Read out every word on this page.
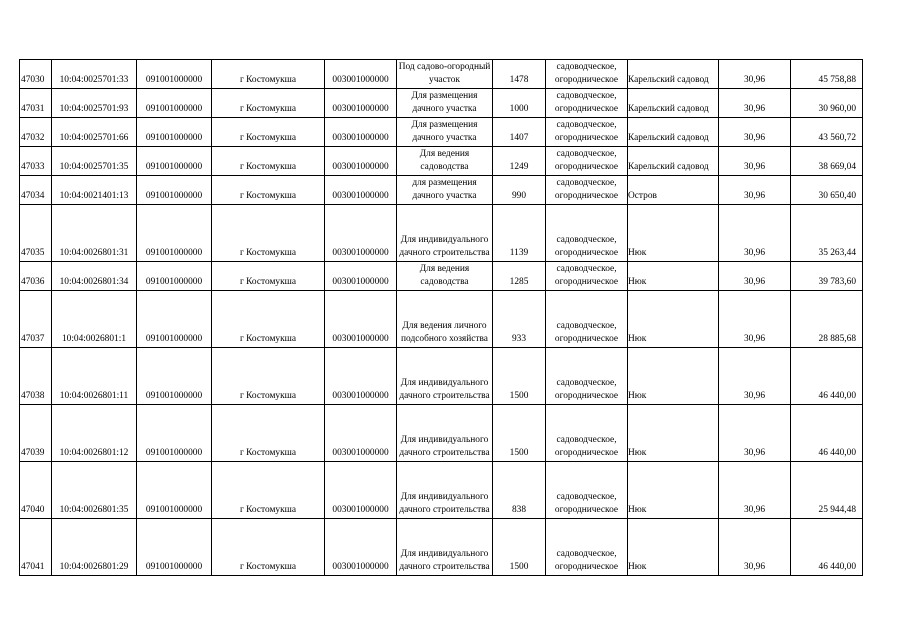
47030	10:04:0025701:33	091001000000	г Костомукша	003001000000	Под садово-огородный участок	1478	садоводческое, огородническое	Карельский садовод	30,96	45 758,88
47031	10:04:0025701:93	091001000000	г Костомукша	003001000000	Для размещения дачного участка	1000	садоводческое, огородническое	Карельский садовод	30,96	30 960,00
47032	10:04:0025701:66	091001000000	г Костомукша	003001000000	Для размещения дачного участка	1407	садоводческое, огородническое	Карельский садовод	30,96	43 560,72
47033	10:04:0025701:35	091001000000	г Костомукша	003001000000	Для ведения садоводства	1249	садоводческое, огородническое	Карельский садовод	30,96	38 669,04
47034	10:04:0021401:13	091001000000	г Костомукша	003001000000	для размещения дачного участка	990	садоводческое, огородническое	Остров	30,96	30 650,40
47035	10:04:0026801:31	091001000000	г Костомукша	003001000000	Для индивидуального дачного строительства	1139	садоводческое, огородническое	Нюк	30,96	35 263,44
47036	10:04:0026801:34	091001000000	г Костомукша	003001000000	Для ведения садоводства	1285	садоводческое, огородническое	Нюк	30,96	39 783,60
47037	10:04:0026801:1	091001000000	г Костомукша	003001000000	Для ведения личного подсобного хозяйства	933	садоводческое, огородническое	Нюк	30,96	28 885,68
47038	10:04:0026801:11	091001000000	г Костомукша	003001000000	Для индивидуального дачного строительства	1500	садоводческое, огородническое	Нюк	30,96	46 440,00
47039	10:04:0026801:12	091001000000	г Костомукша	003001000000	Для индивидуального дачного строительства	1500	садоводческое, огородническое	Нюк	30,96	46 440,00
47040	10:04:0026801:35	091001000000	г Костомукша	003001000000	Для индивидуального дачного строительства	838	садоводческое, огородническое	Нюк	30,96	25 944,48
47041	10:04:0026801:29	091001000000	г Костомукша	003001000000	Для индивидуального дачного строительства	1500	садоводческое, огородническое	Нюк	30,96	46 440,00
